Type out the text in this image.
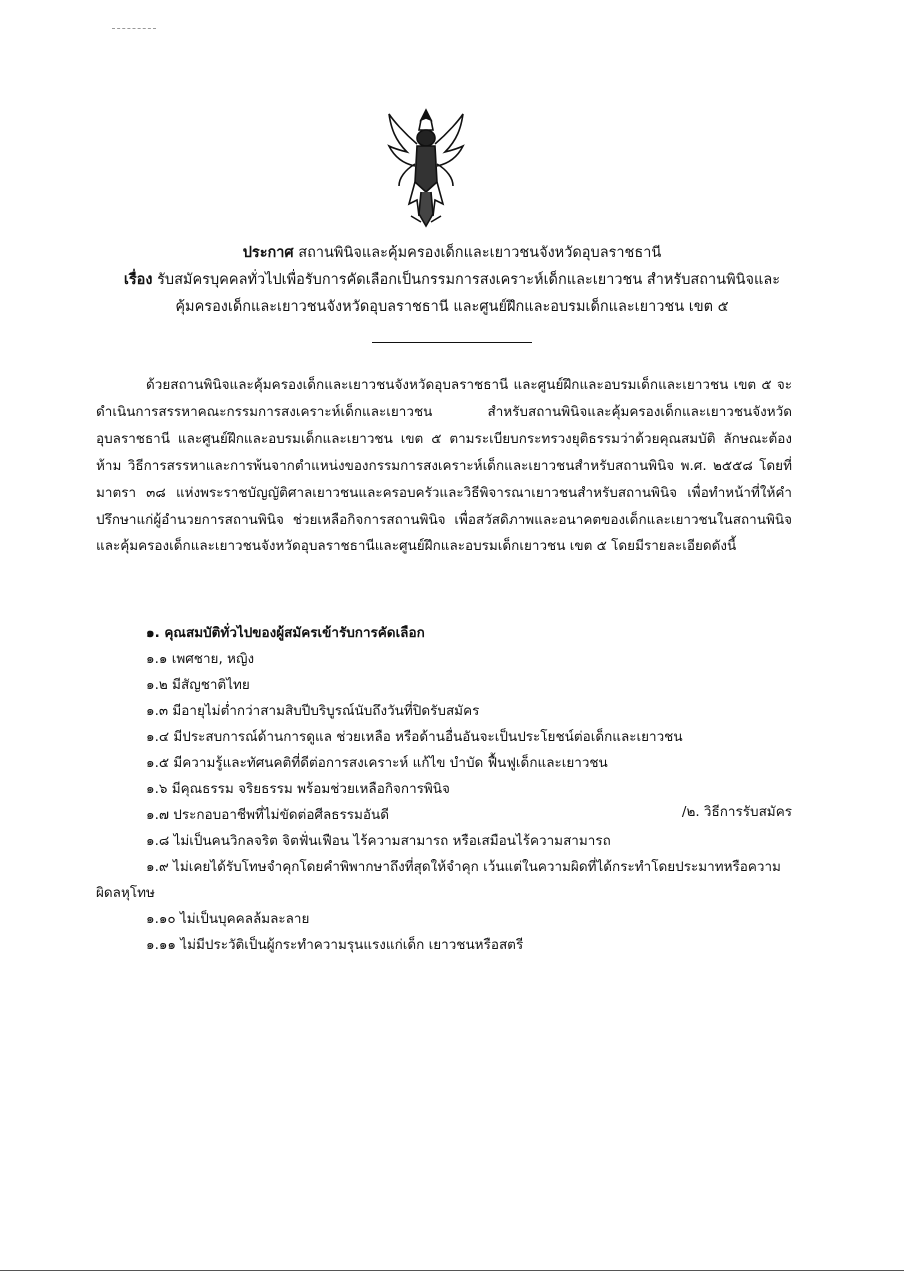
ประกาศ สถานพินิจและคุ้มครองเด็กและเยาวชนจังหวัดอุบลราชธานี
เรื่อง รับสมัครบุคคลทั่วไปเพื่อรับการคัดเลือกเป็นกรรมการสงเคราะห์เด็กและเยาวชน สำหรับสถานพินิจและ
คุ้มครองเด็กและเยาวชนจังหวัดอุบลราชธานี และศูนย์ฝึกและอบรมเด็กและเยาวชน เขต ๕

ด้วยสถานพินิจและคุ้มครองเด็กและเยาวชนจังหวัดอุบลราชธานี และศูนย์ฝึกและอบรมเด็กและเยาวชน เขต ๕ จะดำเนินการสรรหาคณะกรรมการสงเคราะห์เด็กและเยาวชน สำหรับสถานพินิจและคุ้มครองเด็กและเยาวชนจังหวัดอุบลราชธานี และศูนย์ฝึกและอบรมเด็กและเยาวชน เขต ๕ ตามระเบียบกระทรวงยุติธรรมว่าด้วยคุณสมบัติ ลักษณะต้องห้าม วิธีการสรรหาและการพ้นจากตำแหน่งของกรรมการสงเคราะห์เด็กและเยาวชนสำหรับสถานพินิจ พ.ศ. ๒๕๕๘ โดยที่มาตรา ๓๘ แห่งพระราชบัญญัติศาลเยาวชนและครอบครัวและวิธีพิจารณาเยาวชนสำหรับสถานพินิจ เพื่อทำหน้าที่ให้คำปรึกษาแก่ผู้อำนวยการสถานพินิจ ช่วยเหลือกิจการสถานพินิจ เพื่อสวัสดิภาพและอนาคตของเด็กและเยาวชนในสถานพินิจและคุ้มครองเด็กและเยาวชนจังหวัดอุบลราชธานีและศูนย์ฝึกและอบรมเด็กเยาวชน เขต ๕ โดยมีรายละเอียดดังนี้

๑. คุณสมบัติทั่วไปของผู้สมัครเข้ารับการคัดเลือก
๑.๑ เพศชาย, หญิง
๑.๒ มีสัญชาติไทย
๑.๓ มีอายุไม่ต่ำกว่าสามสิบปีบริบูรณ์นับถึงวันที่ปิดรับสมัคร
๑.๔ มีประสบการณ์ด้านการดูแล ช่วยเหลือ หรือด้านอื่นอันจะเป็นประโยชน์ต่อเด็กและเยาวชน
๑.๕ มีความรู้และทัศนคติที่ดีต่อการสงเคราะห์ แก้ไข บำบัด ฟื้นฟูเด็กและเยาวชน
๑.๖ มีคุณธรรม จริยธรรม พร้อมช่วยเหลือกิจการพินิจ
๑.๗ ประกอบอาชีพที่ไม่ขัดต่อศีลธรรมอันดี
๑.๘ ไม่เป็นคนวิกลจริต จิตฟั่นเฟือน ไร้ความสามารถ หรือเสมือนไร้ความสามารถ
๑.๙ ไม่เคยได้รับโทษจำคุกโดยคำพิพากษาถึงที่สุดให้จำคุก เว้นแต่ในความผิดที่ได้กระทำโดยประมาทหรือความผิดลหุโทษ
๑.๑๐ ไม่เป็นบุคคลล้มละลาย
๑.๑๑ ไม่มีประวัติเป็นผู้กระทำความรุนแรงแก่เด็ก เยาวชนหรือสตรี
/๒. วิธีการรับสมัคร
